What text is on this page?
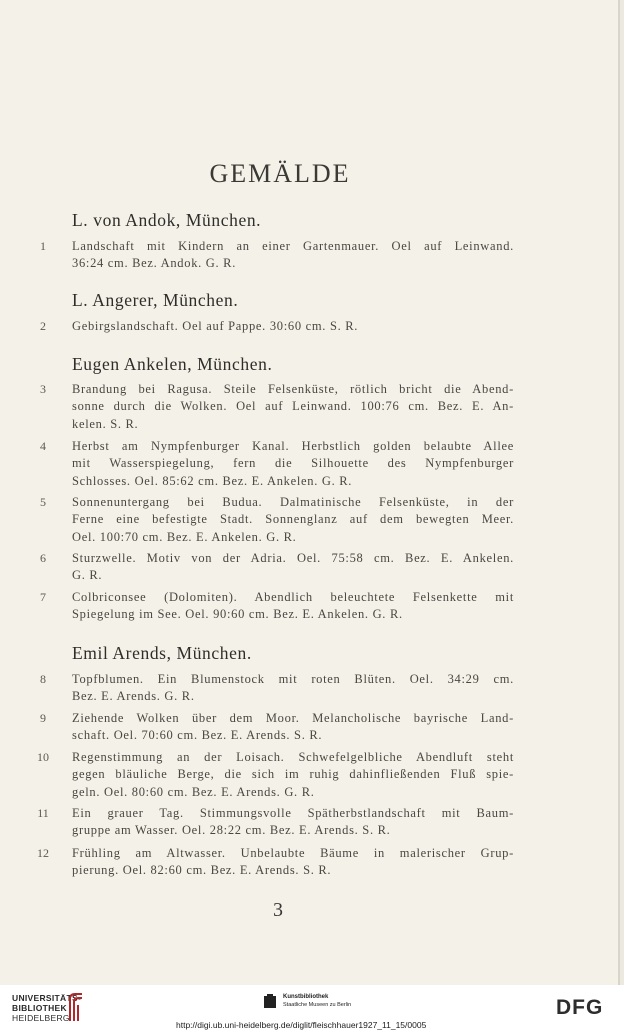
GEMÄLDE
L. von Andok, München.
1	Landschaft mit Kindern an einer Gartenmauer. Oel auf Leinwand.
36:24 cm. Bez. Andok. G. R.
L. Angerer, München.
2	Gebirgslandschaft. Oel auf Pappe. 30:60 cm. S. R.
Eugen Ankelen, München.
3	Brandung bei Ragusa. Steile Felsenküste, rötlich bricht die Abend-
sonne durch die Wolken. Oel auf Leinwand. 100:76 cm. Bez. E. An-
kelen. S. R.
4	Herbst am Nympfenburger Kanal. Herbstlich golden belaubte Allee
mit Wasserspiegelung, fern die Silhouette des Nympfenburger
Schlosses. Oel. 85:62 cm. Bez. E. Ankelen. G. R.
5	Sonnenuntergang bei Budua. Dalmatinische Felsenküste, in der
Ferne eine befestigte Stadt. Sonnenglanz auf dem bewegten Meer.
Oel. 100:70 cm. Bez. E. Ankelen. G. R.
6	Sturzwelle. Motiv von der Adria. Oel. 75:58 cm. Bez. E. Ankelen.
G. R.
7	Colbriconsee (Dolomiten). Abendlich beleuchtete Felsenkette mit
Spiegelung im See. Oel. 90:60 cm. Bez. E. Ankelen. G. R.
Emil Arends, München.
8	Topfblumen. Ein Blumenstock mit roten Blüten. Oel. 34:29 cm.
Bez. E. Arends. G. R.
9	Ziehende Wolken über dem Moor. Melancholische bayrische Land-
schaft. Oel. 70:60 cm. Bez. E. Arends. S. R.
10	Regenstimmung an der Loisach. Schwefelgelbliche Abendluft steht
gegen bläuliche Berge, die sich im ruhig dahinfließenden Fluß spie-
geln. Oel. 80:60 cm. Bez. E. Arends. G. R.
11	Ein grauer Tag. Stimmungsvolle Spätherbstlandschaft mit Baum-
gruppe am Wasser. Oel. 28:22 cm. Bez. E. Arends. S. R.
12	Frühling am Altwasser. Unbelaubte Bäume in malerischer Grup-
pierung. Oel. 82:60 cm. Bez. E. Arends. S. R.
3
UNIVERSITÄTS-
BIBLIOTHEK
HEIDELBERG
Kunstbibliothek
Staatliche Museen zu Berlin	DFG
http://digi.ub.uni-heidelberg.de/diglit/fleischhauer1927_11_15/0005
